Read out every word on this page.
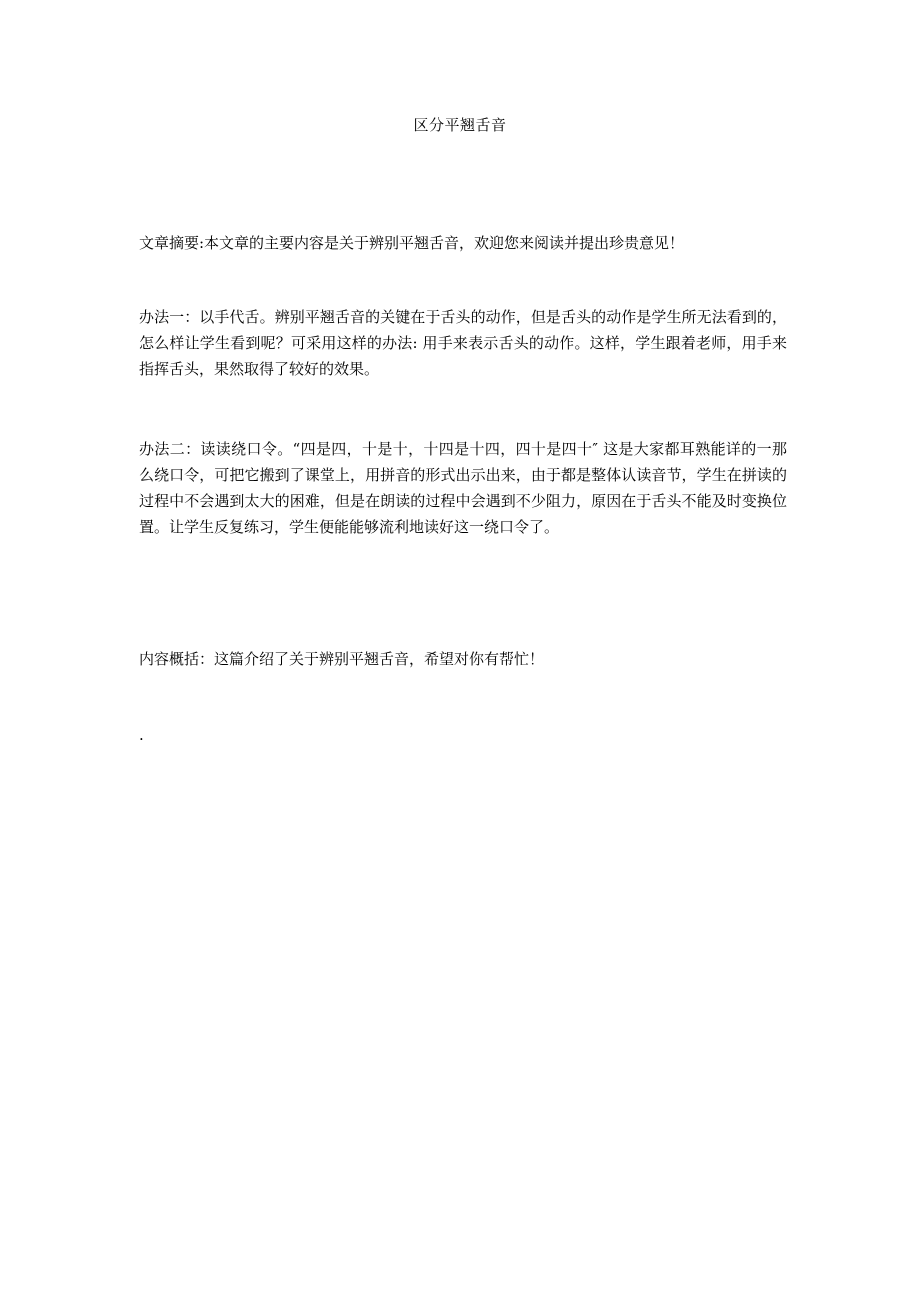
区分平翘舌音

文章摘要:本文章的主要内容是关于辨别平翘舌音，欢迎您来阅读并提出珍贵意见！

办法一：以手代舌。辨别平翘舌音的关键在于舌头的动作，但是舌头的动作是学生所无法看到的，怎么样让学生看到呢？可采用这样的办法: 用手来表示舌头的动作。这样，学生跟着老师，用手来指挥舌头，果然取得了较好的效果。

办法二：读读绕口令。“四是四，十是十，十四是十四，四十是四十″ 这是大家都耳熟能详的一那么绕口令，可把它搬到了课堂上，用拼音的形式出示出来，由于都是整体认读音节，学生在拼读的过程中不会遇到太大的困难，但是在朗读的过程中会遇到不少阻力，原因在于舌头不能及时变换位置。让学生反复练习，学生便能能够流利地读好这一绕口令了。

内容概括：这篇介绍了关于辨别平翘舌音，希望对你有帮忙！

.
